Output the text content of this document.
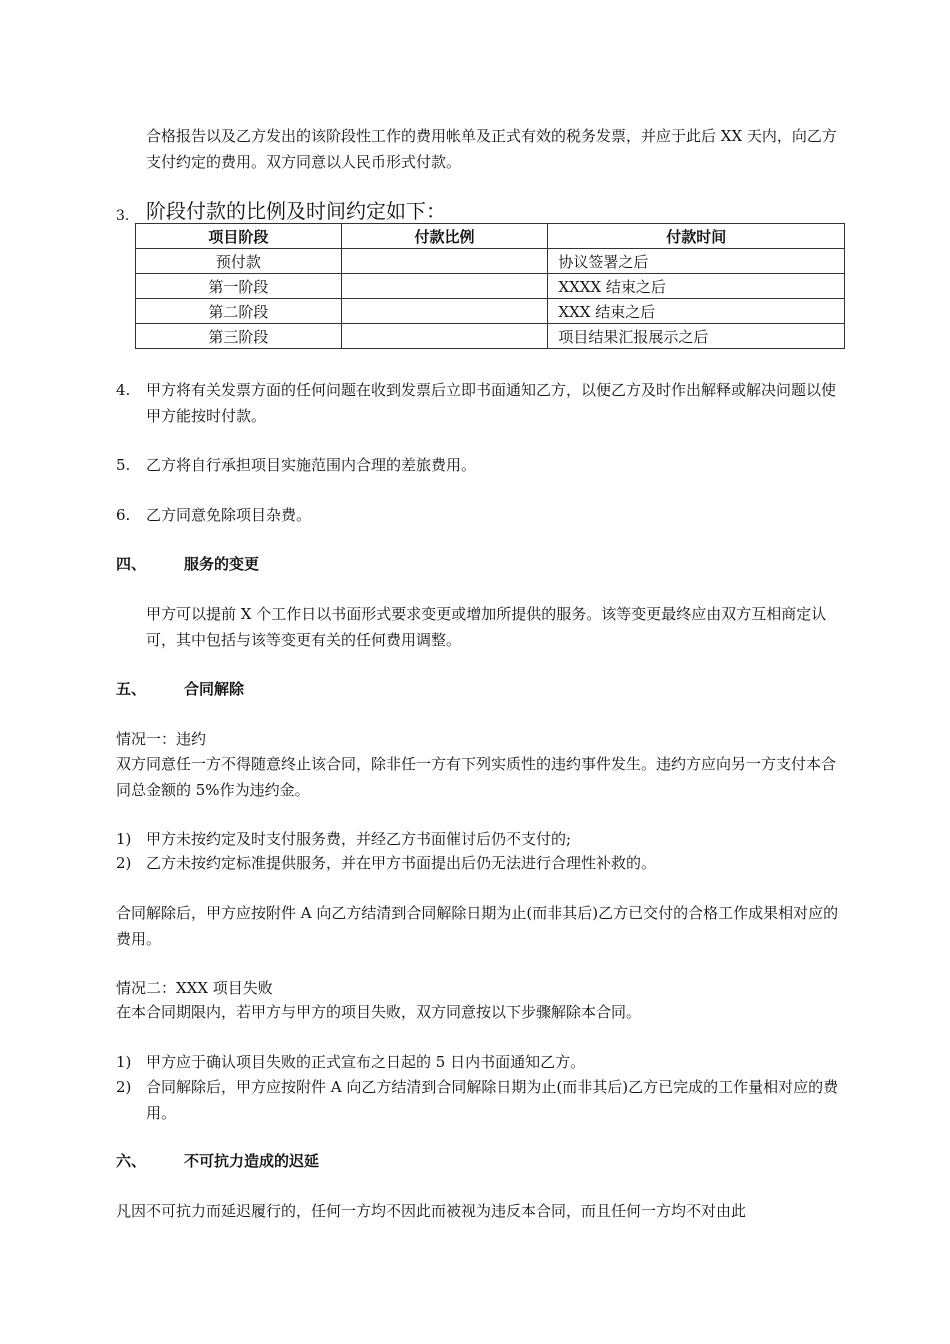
合格报告以及乙方发出的该阶段性工作的费用帐单及正式有效的税务发票，并应于此后 XX 天内，向乙方支付约定的费用。双方同意以人民币形式付款。
3. 阶段付款的比例及时间约定如下：
项目阶段	付款比例	付款时间
预付款		协议签署之后
第一阶段		XXXX 结束之后
第二阶段		XXX 结束之后
第三阶段		项目结果汇报展示之后
4.	甲方将有关发票方面的任何问题在收到发票后立即书面通知乙方，以便乙方及时作出解释或解决问题以使甲方能按时付款。
5.	乙方将自行承担项目实施范围内合理的差旅费用。
6.	乙方同意免除项目杂费。
四、	服务的变更
甲方可以提前 X 个工作日以书面形式要求变更或增加所提供的服务。该等变更最终应由双方互相商定认可，其中包括与该等变更有关的任何费用调整。
五、	合同解除
情况一：违约
双方同意任一方不得随意终止该合同，除非任一方有下列实质性的违约事件发生。违约方应向另一方支付本合同总金额的 5%作为违约金。
1) 甲方未按约定及时支付服务费，并经乙方书面催讨后仍不支付的;
2) 乙方未按约定标准提供服务，并在甲方书面提出后仍无法进行合理性补救的。
合同解除后，甲方应按附件 A 向乙方结清到合同解除日期为止(而非其后)乙方已交付的合格工作成果相对应的费用。
情况二：XXX 项目失败
在本合同期限内，若甲方与甲方的项目失败，双方同意按以下步骤解除本合同。
1) 甲方应于确认项目失败的正式宣布之日起的 5 日内书面通知乙方。
2) 合同解除后，甲方应按附件 A 向乙方结清到合同解除日期为止(而非其后)乙方已完成的工作量相对应的费用。
六、	不可抗力造成的迟延
凡因不可抗力而延迟履行的，任何一方均不因此而被视为违反本合同，而且任何一方均不对由此
